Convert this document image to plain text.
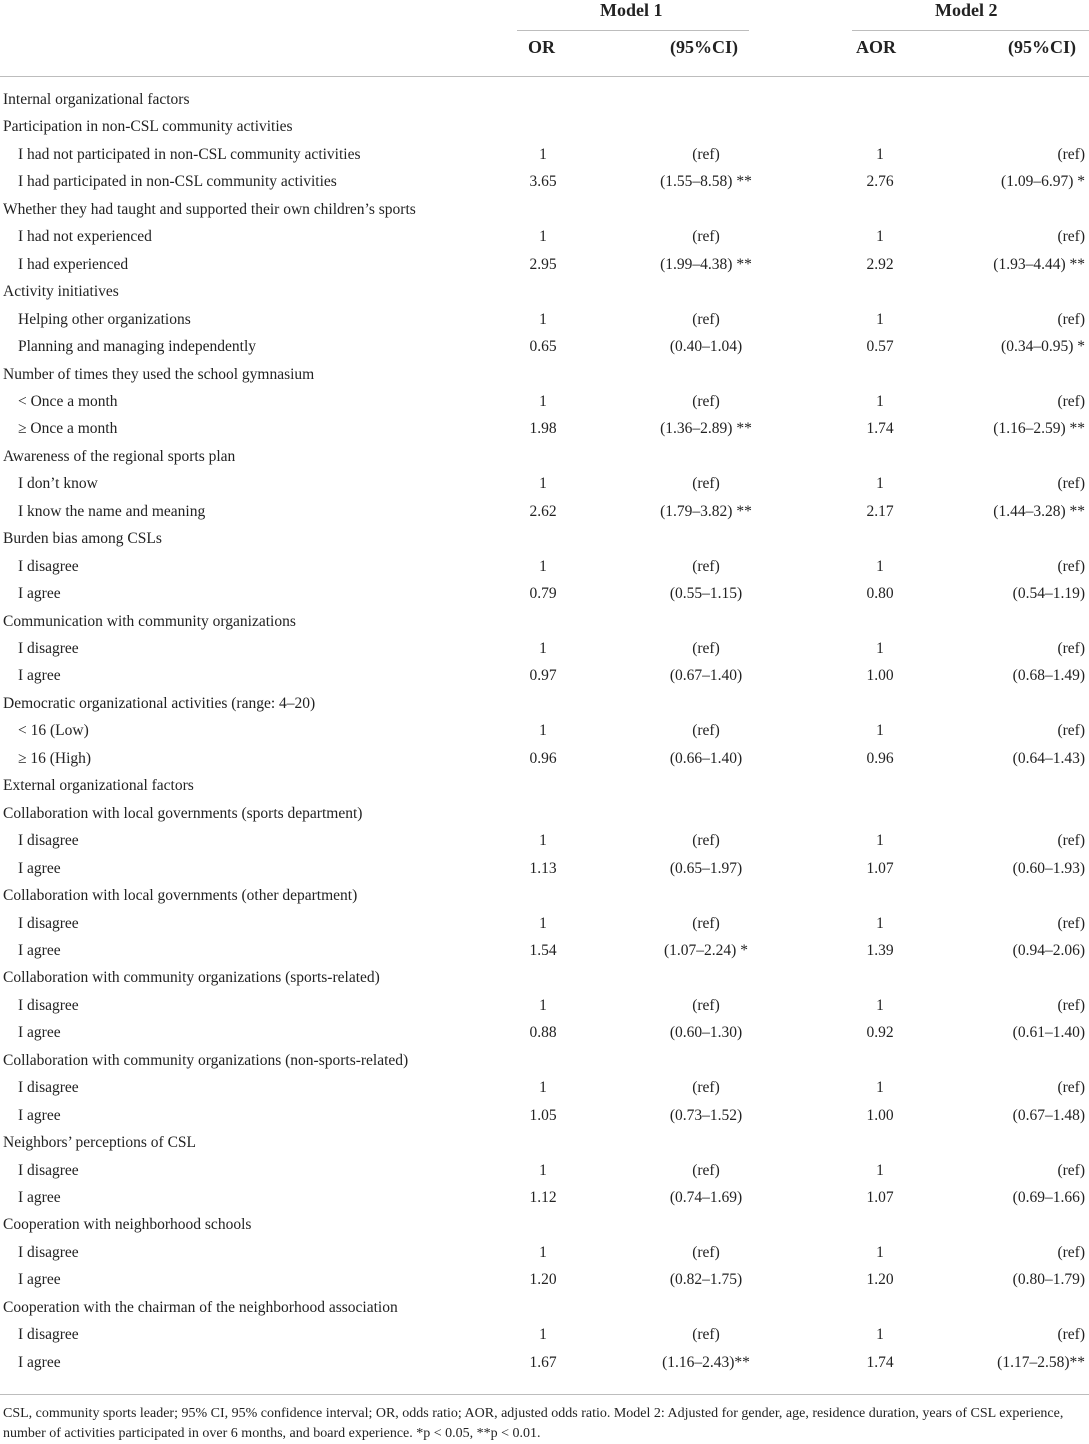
Model 1	Model 2
OR	(95%CI)	AOR	(95%CI)
Internal organizational factors
Participation in non-CSL community activities
I had not participated in non-CSL community activities	1	(ref)	1	(ref)
I had participated in non-CSL community activities	3.65	(1.55–8.58) **	2.76	(1.09–6.97) *
Whether they had taught and supported their own children’s sports
I had not experienced	1	(ref)	1	(ref)
I had experienced	2.95	(1.99–4.38) **	2.92	(1.93–4.44) **
Activity initiatives
Helping other organizations	1	(ref)	1	(ref)
Planning and managing independently	0.65	(0.40–1.04)	0.57	(0.34–0.95) *
Number of times they used the school gymnasium
< Once a month	1	(ref)	1	(ref)
≥ Once a month	1.98	(1.36–2.89) **	1.74	(1.16–2.59) **
Awareness of the regional sports plan
I don’t know	1	(ref)	1	(ref)
I know the name and meaning	2.62	(1.79–3.82) **	2.17	(1.44–3.28) **
Burden bias among CSLs
I disagree	1	(ref)	1	(ref)
I agree	0.79	(0.55–1.15)	0.80	(0.54–1.19)
Communication with community organizations
I disagree	1	(ref)	1	(ref)
I agree	0.97	(0.67–1.40)	1.00	(0.68–1.49)
Democratic organizational activities (range: 4–20)
< 16 (Low)	1	(ref)	1	(ref)
≥ 16 (High)	0.96	(0.66–1.40)	0.96	(0.64–1.43)
External organizational factors
Collaboration with local governments (sports department)
I disagree	1	(ref)	1	(ref)
I agree	1.13	(0.65–1.97)	1.07	(0.60–1.93)
Collaboration with local governments (other department)
I disagree	1	(ref)	1	(ref)
I agree	1.54	(1.07–2.24) *	1.39	(0.94–2.06)
Collaboration with community organizations (sports-related)
I disagree	1	(ref)	1	(ref)
I agree	0.88	(0.60–1.30)	0.92	(0.61–1.40)
Collaboration with community organizations (non-sports-related)
I disagree	1	(ref)	1	(ref)
I agree	1.05	(0.73–1.52)	1.00	(0.67–1.48)
Neighbors’ perceptions of CSL
I disagree	1	(ref)	1	(ref)
I agree	1.12	(0.74–1.69)	1.07	(0.69–1.66)
Cooperation with neighborhood schools
I disagree	1	(ref)	1	(ref)
I agree	1.20	(0.82–1.75)	1.20	(0.80–1.79)
Cooperation with the chairman of the neighborhood association
I disagree	1	(ref)	1	(ref)
I agree	1.67	(1.16–2.43)**	1.74	(1.17–2.58)**
CSL, community sports leader; 95% CI, 95% confidence interval; OR, odds ratio; AOR, adjusted odds ratio. Model 2: Adjusted for gender, age, residence duration, years of CSL experience, number of activities participated in over 6 months, and board experience. *p < 0.05, **p < 0.01.
